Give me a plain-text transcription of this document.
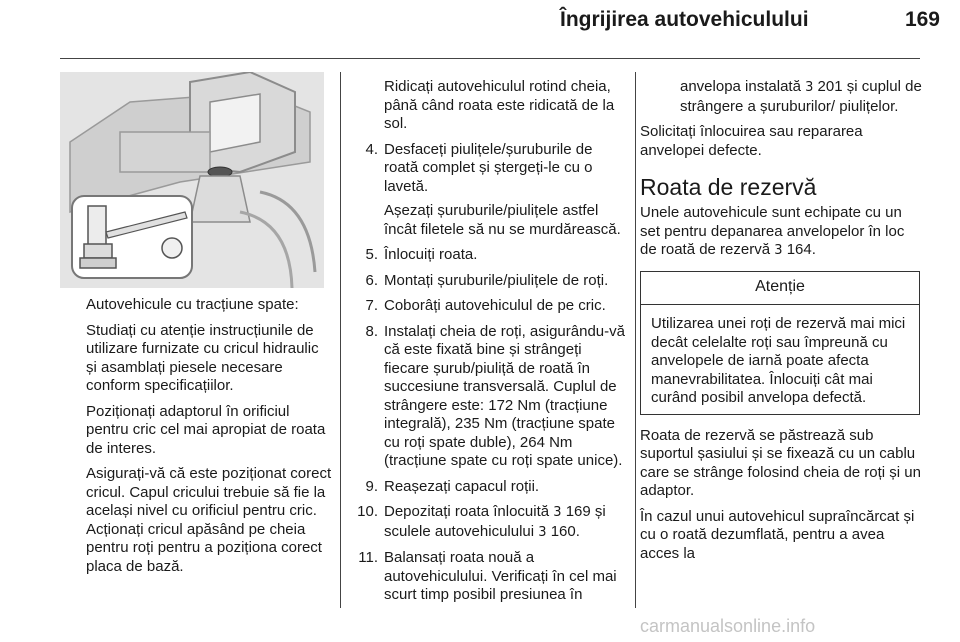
Îngrijirea autovehiculului	169

Autovehicule cu tracțiune spate:

Studiați cu atenție instrucțiunile de utilizare furnizate cu cricul hidraulic și asamblați piesele necesare conform specificațiilor.

Poziționați adaptorul în orificiul pentru cric cel mai apropiat de roata de interes.

Asigurați-vă că este poziționat corect cricul. Capul cricului trebuie să fie la același nivel cu orificiul pentru cric. Acționați cricul apăsând pe cheia pentru roți pentru a poziționa corect placa de bază.

Ridicați autovehiculul rotind cheia, până când roata este ridicată de la sol.

4. Desfaceți piulițele/șuruburile de roată complet și ștergeți-le cu o lavetă.
Așezați șuruburile/piulițele astfel încât filetele să nu se murdărească.
5. Înlocuiți roata.
6. Montați șuruburile/piulițele de roți.
7. Coborâți autovehiculul de pe cric.
8. Instalați cheia de roți, asigurându-vă că este fixată bine și strângeți fiecare șurub/piuliță de roată în succesiune transversală. Cuplul de strângere este: 172 Nm (tracțiune integrală), 235 Nm (tracțiune spate cu roți spate duble), 264 Nm (tracțiune spate cu roți spate unice).
9. Reașezați capacul roții.
10. Depozitați roata înlocuită 3 169 și sculele autovehiculului 3 160.
11. Balansați roata nouă a autovehiculului. Verificați în cel mai scurt timp posibil presiunea în

anvelopa instalată 3 201 și cuplul de strângere a șuruburilor/ piulițelor.

Solicitați înlocuirea sau repararea anvelopei defecte.

Roata de rezervă

Unele autovehicule sunt echipate cu un set pentru depanarea anvelopelor în loc de roată de rezervă 3 164.

Atenție
Utilizarea unei roți de rezervă mai mici decât celelalte roți sau împreună cu anvelopele de iarnă poate afecta manevrabilitatea. Înlocuiți cât mai curând posibil anvelopa defectă.

Roata de rezervă se păstrează sub suportul șasiului și se fixează cu un cablu care se strânge folosind cheia de roți și un adaptor.

În cazul unui autovehicul supraîncărcat și cu o roată dezumflată, pentru a avea acces la

carmanualsonline.info
